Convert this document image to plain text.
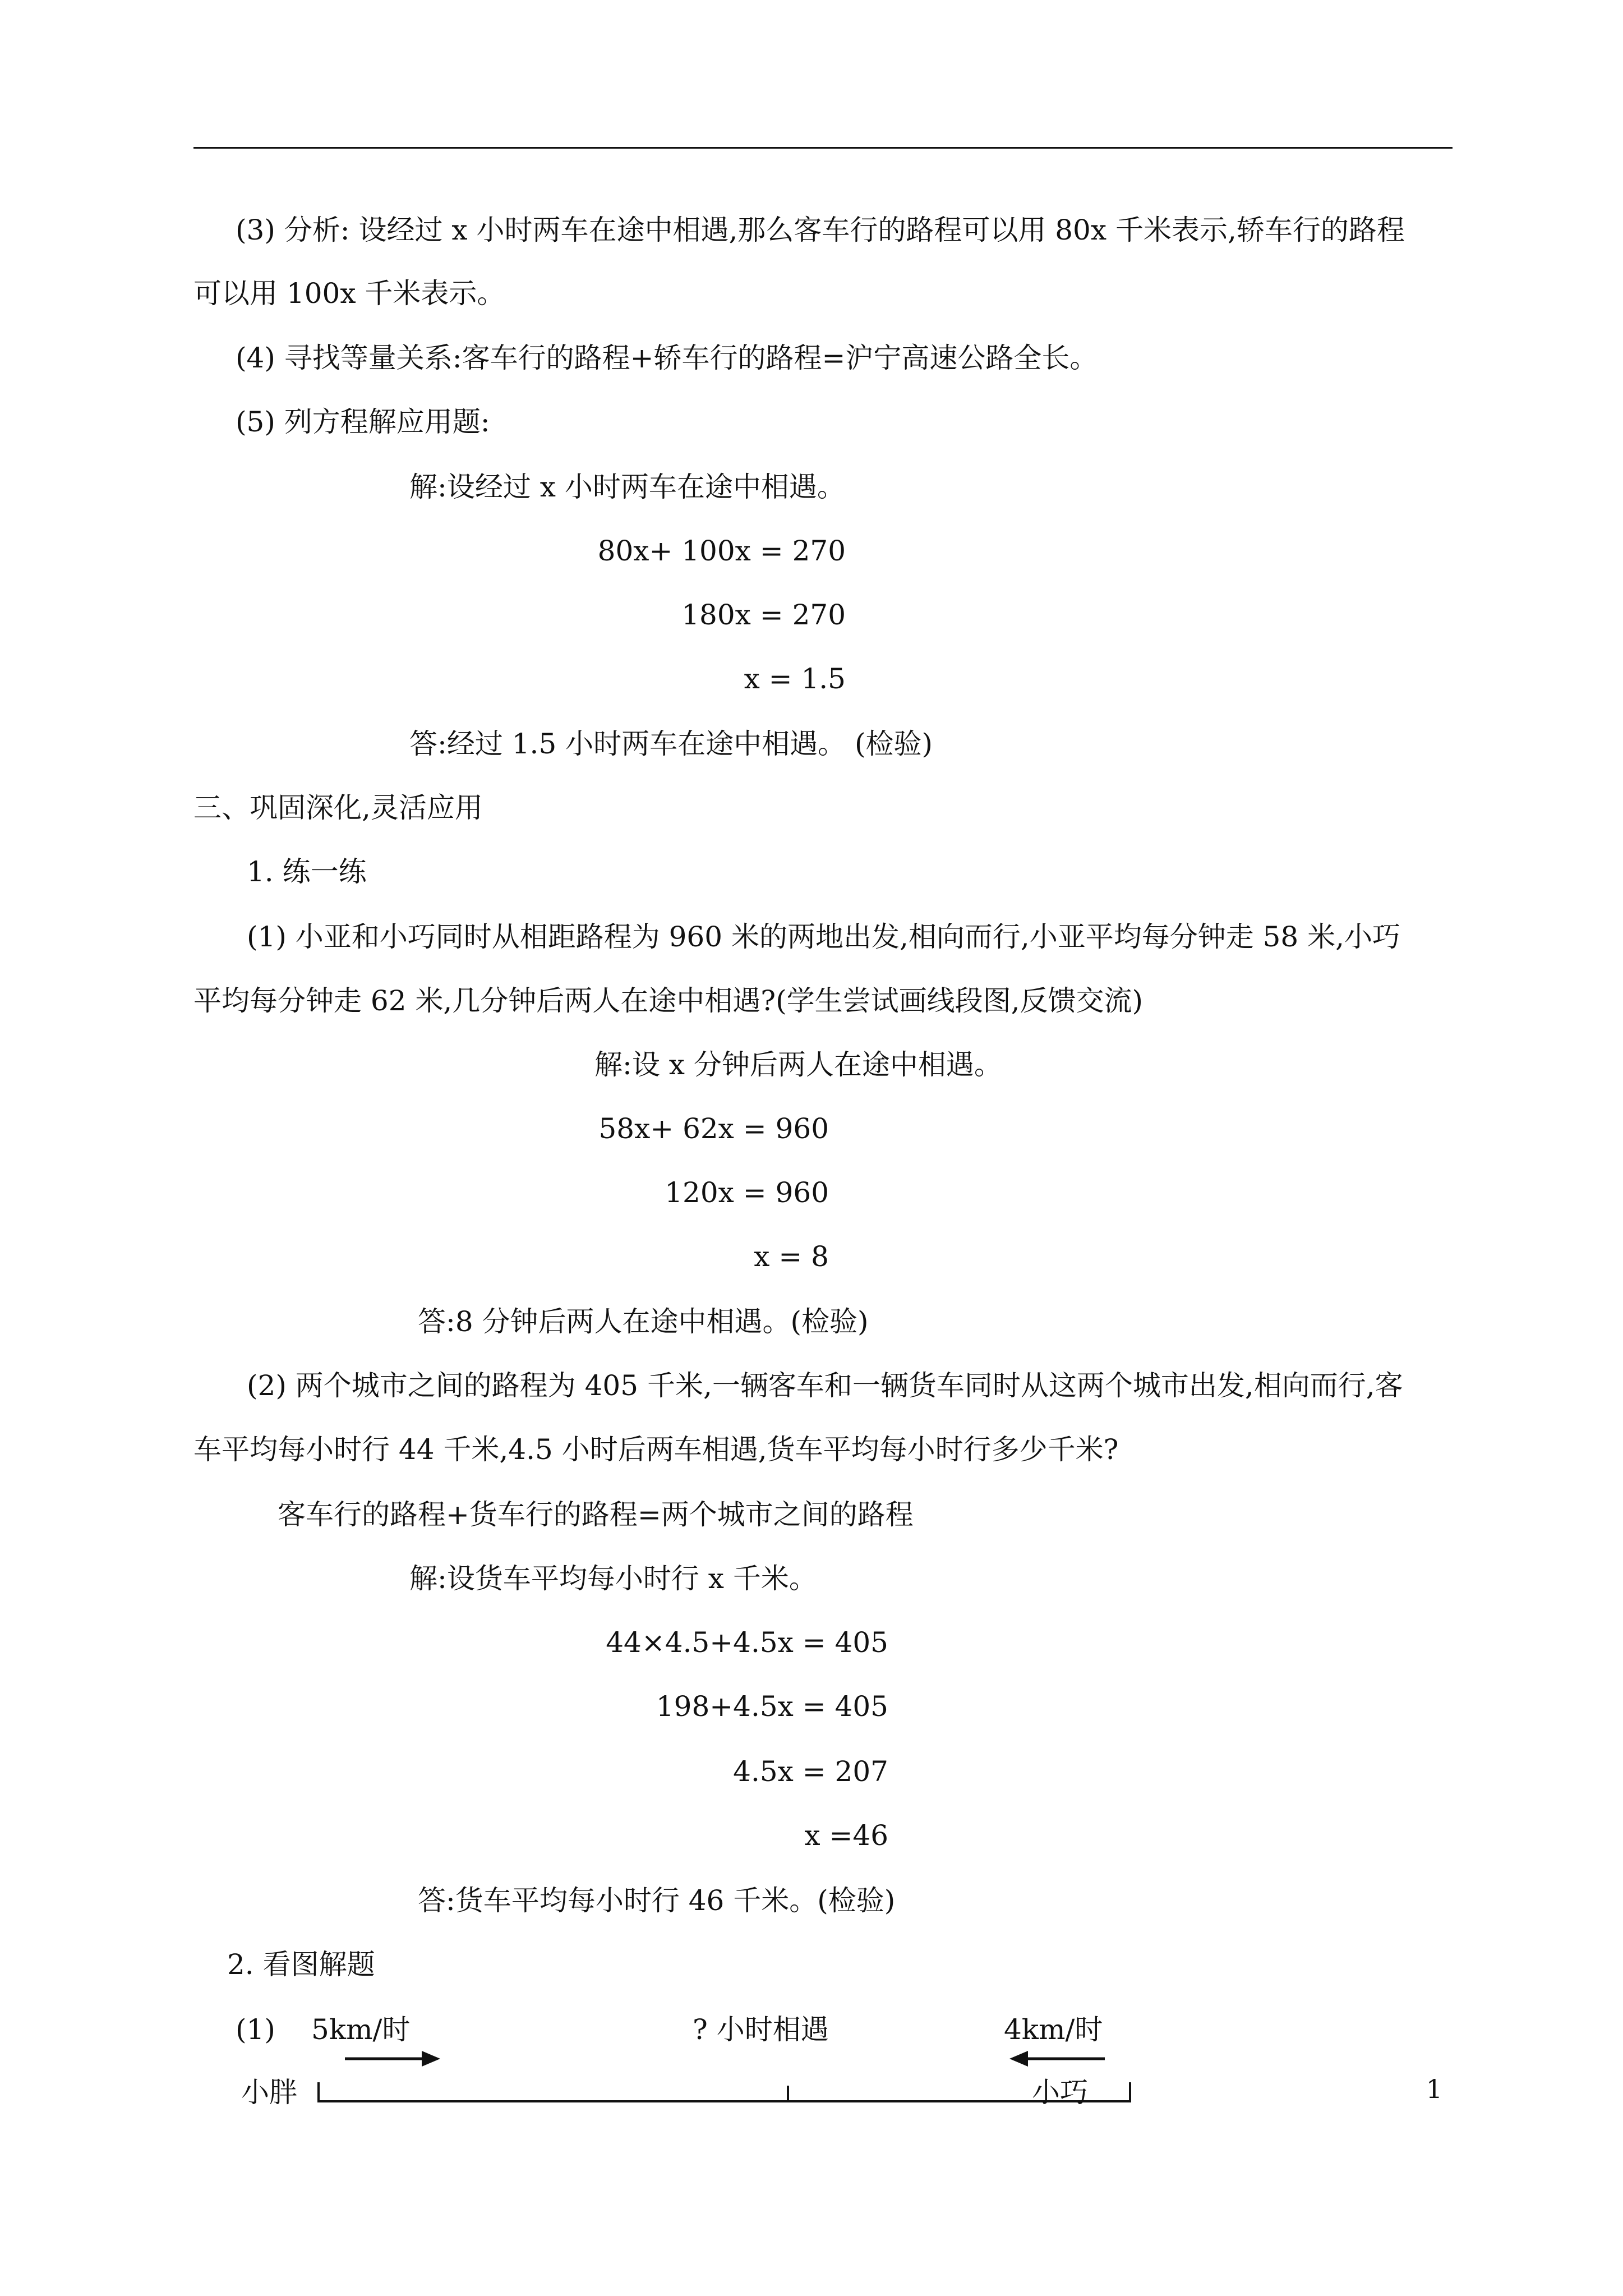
(3) 分析: 设经过 x 小时两车在途中相遇,那么客车行的路程可以用 80x 千米表示,轿车行的路程
可以用 100x 千米表示。
(4) 寻找等量关系:客车行的路程+轿车行的路程=沪宁高速公路全长。
(5) 列方程解应用题:
解:设经过 x 小时两车在途中相遇。
80x+ 100x = 270
180x = 270
x = 1.5
答:经过 1.5 小时两车在途中相遇。 (检验)
三、巩固深化,灵活应用
1. 练一练
(1) 小亚和小巧同时从相距路程为 960 米的两地出发,相向而行,小亚平均每分钟走 58 米,小巧
平均每分钟走 62 米,几分钟后两人在途中相遇?(学生尝试画线段图,反馈交流)
解:设 x 分钟后两人在途中相遇。
58x+ 62x = 960
120x = 960
x = 8
答:8 分钟后两人在途中相遇。(检验)
(2) 两个城市之间的路程为 405 千米,一辆客车和一辆货车同时从这两个城市出发,相向而行,客
车平均每小时行 44 千米,4.5 小时后两车相遇,货车平均每小时行多少千米?
客车行的路程+货车行的路程=两个城市之间的路程
解:设货车平均每小时行 x 千米。
44×4.5+4.5x = 405
198+4.5x = 405
4.5x = 207
x =46
答:货车平均每小时行 46 千米。(检验)
2. 看图解题
(1) 5km/时	? 小时相遇	4km/时
小胖	小巧	1
